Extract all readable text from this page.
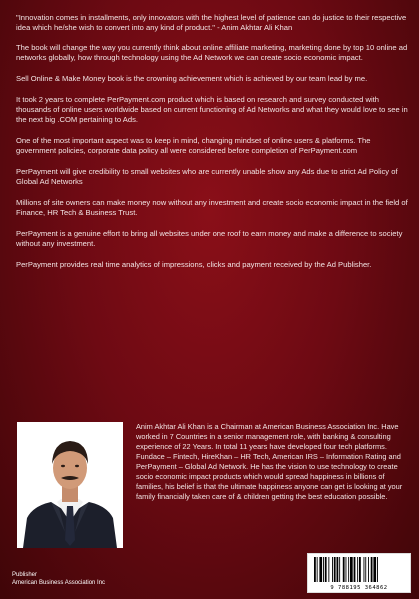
"Innovation comes in installments, only innovators with the highest level of patience can do justice to their respective idea which he/she wish to convert into any kind of product." - Anim Akhtar Ali Khan

The book will change the way you currently think about online affiliate marketing, marketing done by top 10 online ad networks globally, how through technology using the Ad Network we can create socio economic impact.

Sell Online & Make Money book is the crowning achievement which is achieved by our team lead by me.

It took 2 years to complete PerPayment.com product which is based on research and survey conducted with thousands of online users worldwide based on current functioning of Ad Networks and what they would love to see in the next big .COM pertaining to Ads.

One of the most important aspect was to keep in mind, changing mindset of online users & platforms. The government policies, corporate data policy all were considered before completion of PerPayment.com

PerPayment will give credibility to small websites who are currently unable show any Ads due to strict Ad Policy of Global Ad Networks

Millions of site owners can make money now without any investment and create socio economic impact in the field of Finance, HR Tech & Business Trust.

PerPayment is a genuine effort to bring all websites under one roof to earn money and make a difference to society without any investment.

PerPayment provides real time analytics of impressions, clicks and payment received by the Ad Publisher.

Anim Akhtar Ali Khan is a Chairman at American Business Association Inc. Have worked in 7 Countries in a senior management role, with banking & consulting experience of 22 Years. In total 11 years have developed four tech platforms. Fundace – Fintech, HireKhan – HR Tech, American IRS – Information Rating and PerPayment – Global Ad Network. He has the vision to use technology to create socio economic impact products which would spread happiness in billions of families, his belief is that the ultimate happiness anyone can get is looking at your family financially taken care of & children getting the best education possible.
Publisher
American Business Association Inc
9 788195 364862
